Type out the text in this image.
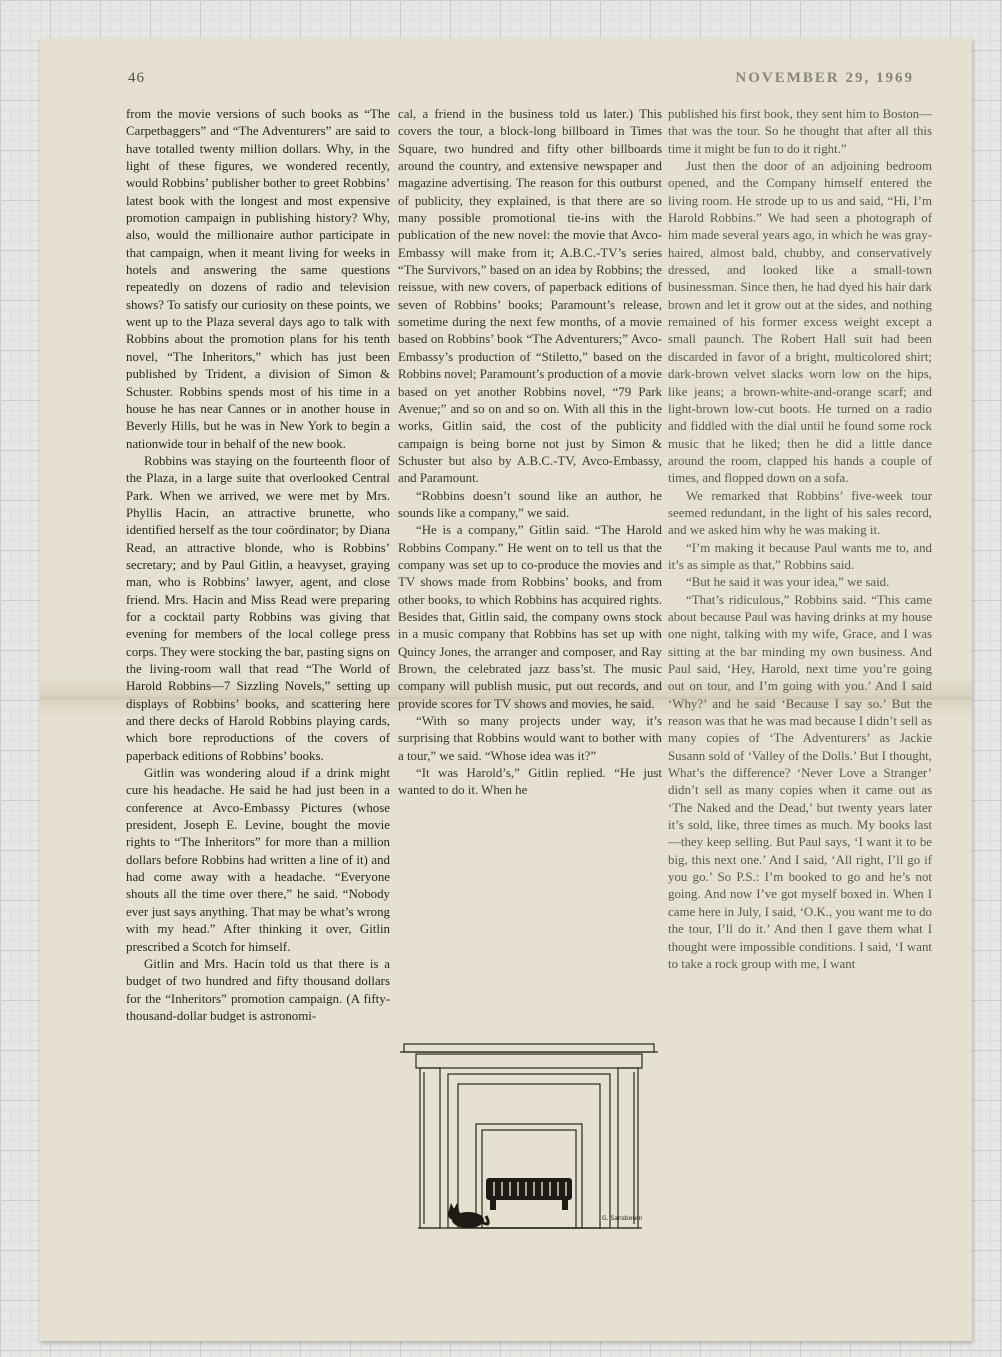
46	NOVEMBER 29, 1969

from the movie versions of such books as “The Carpetbaggers” and “The Adventurers” are said to have totalled twenty million dollars. Why, in the light of these figures, we wondered recently, would Robbins’ publisher bother to greet Robbins’ latest book with the longest and most expensive promotion campaign in publishing history? Why, also, would the millionaire author participate in that campaign, when it meant living for weeks in hotels and answering the same questions repeatedly on dozens of radio and television shows? To satisfy our curiosity on these points, we went up to the Plaza several days ago to talk with Robbins about the promotion plans for his tenth novel, “The Inheritors,” which has just been published by Trident, a division of Simon & Schuster. Robbins spends most of his time in a house he has near Cannes or in another house in Beverly Hills, but he was in New York to begin a nationwide tour in behalf of the new book.

Robbins was staying on the fourteenth floor of the Plaza, in a large suite that overlooked Central Park. When we arrived, we were met by Mrs. Phyllis Hacin, an attractive brunette, who identified herself as the tour coördinator; by Diana Read, an attractive blonde, who is Robbins’ secretary; and by Paul Gitlin, a heavyset, graying man, who is Robbins’ lawyer, agent, and close friend. Mrs. Hacin and Miss Read were preparing for a cocktail party Robbins was giving that evening for members of the local college press corps. They were stocking the bar, pasting signs on the living-room wall that read “The World of Harold Robbins—7 Sizzling Novels,” setting up displays of Robbins’ books, and scattering here and there decks of Harold Robbins playing cards, which bore reproductions of the covers of paperback editions of Robbins’ books.

Gitlin was wondering aloud if a drink might cure his headache. He said he had just been in a conference at Avco-Embassy Pictures (whose president, Joseph E. Levine, bought the movie rights to “The Inheritors” for more than a million dollars before Robbins had written a line of it) and had come away with a headache. “Everyone shouts all the time over there,” he said. “Nobody ever just says anything. That may be what’s wrong with my head.” After thinking it over, Gitlin prescribed a Scotch for himself.

Gitlin and Mrs. Hacin told us that there is a budget of two hundred and fifty thousand dollars for the “Inheritors” promotion campaign. (A fifty-thousand-dollar budget is astronomi-

cal, a friend in the business told us later.) This covers the tour, a block-long billboard in Times Square, two hundred and fifty other billboards around the country, and extensive newspaper and magazine advertising. The reason for this outburst of publicity, they explained, is that there are so many possible promotional tie-ins with the publication of the new novel: the movie that Avco-Embassy will make from it; A.B.C.-TV’s series “The Survivors,” based on an idea by Robbins; the reissue, with new covers, of paperback editions of seven of Robbins’ books; Paramount’s release, sometime during the next few months, of a movie based on Robbins’ book “The Adventurers;” Avco-Embassy’s production of “Stiletto,” based on the Robbins novel; Paramount’s production of a movie based on yet another Robbins novel, “79 Park Avenue;” and so on and so on. With all this in the works, Gitlin said, the cost of the publicity campaign is being borne not just by Simon & Schuster but also by A.B.C.-TV, Avco-Embassy, and Paramount.

“Robbins doesn’t sound like an author, he sounds like a company,” we said.

“He is a company,” Gitlin said. “The Harold Robbins Company.” He went on to tell us that the company was set up to co-produce the movies and TV shows made from Robbins’ books, and from other books, to which Robbins has acquired rights. Besides that, Gitlin said, the company owns stock in a music company that Robbins has set up with Quincy Jones, the arranger and composer, and Ray Brown, the celebrated jazz bass’st. The music company will publish music, put out records, and provide scores for TV shows and movies, he said.

“With so many projects under way, it’s surprising that Robbins would want to bother with a tour,” we said. “Whose idea was it?”

“It was Harold’s,” Gitlin replied. “He just wanted to do it. When he

published his first book, they sent him to Boston—that was the tour. So he thought that after all this time it might be fun to do it right.”

Just then the door of an adjoining bedroom opened, and the Company himself entered the living room. He strode up to us and said, “Hi, I’m Harold Robbins.” We had seen a photograph of him made several years ago, in which he was gray-haired, almost bald, chubby, and conservatively dressed, and looked like a small-town businessman. Since then, he had dyed his hair dark brown and let it grow out at the sides, and nothing remained of his former excess weight except a small paunch. The Robert Hall suit had been discarded in favor of a bright, multicolored shirt; dark-brown velvet slacks worn low on the hips, like jeans; a brown-white-and-orange scarf; and light-brown low-cut boots. He turned on a radio and fiddled with the dial until he found some rock music that he liked; then he did a little dance around the room, clapped his hands a couple of times, and flopped down on a sofa.

We remarked that Robbins’ five-week tour seemed redundant, in the light of his sales record, and we asked him why he was making it.

“I’m making it because Paul wants me to, and it’s as simple as that,” Robbins said.

“But he said it was your idea,” we said.

“That’s ridiculous,” Robbins said. “This came about because Paul was having drinks at my house one night, talking with my wife, Grace, and I was sitting at the bar minding my own business. And Paul said, ‘Hey, Harold, next time you’re going out on tour, and I’m going with you.’ And I said ‘Why?’ and he said ‘Because I say so.’ But the reason was that he was mad because I didn’t sell as many copies of ‘The Adventurers’ as Jackie Susann sold of ‘Valley of the Dolls.’ But I thought, What’s the difference? ‘Never Love a Stranger’ didn’t sell as many copies when it came out as ‘The Naked and the Dead,’ but twenty years later it’s sold, like, three times as much. My books last—they keep selling. But Paul says, ‘I want it to be big, this next one.’ And I said, ‘All right, I’ll go if you go.’ So P.S.: I’m booked to go and he’s not going. And now I’ve got myself boxed in. When I came here in July, I said, ‘O.K., you want me to do the tour, I’ll do it.’ And then I gave them what I thought were impossible conditions. I said, ‘I want to take a rock group with me, I want

G. Sansbourn
